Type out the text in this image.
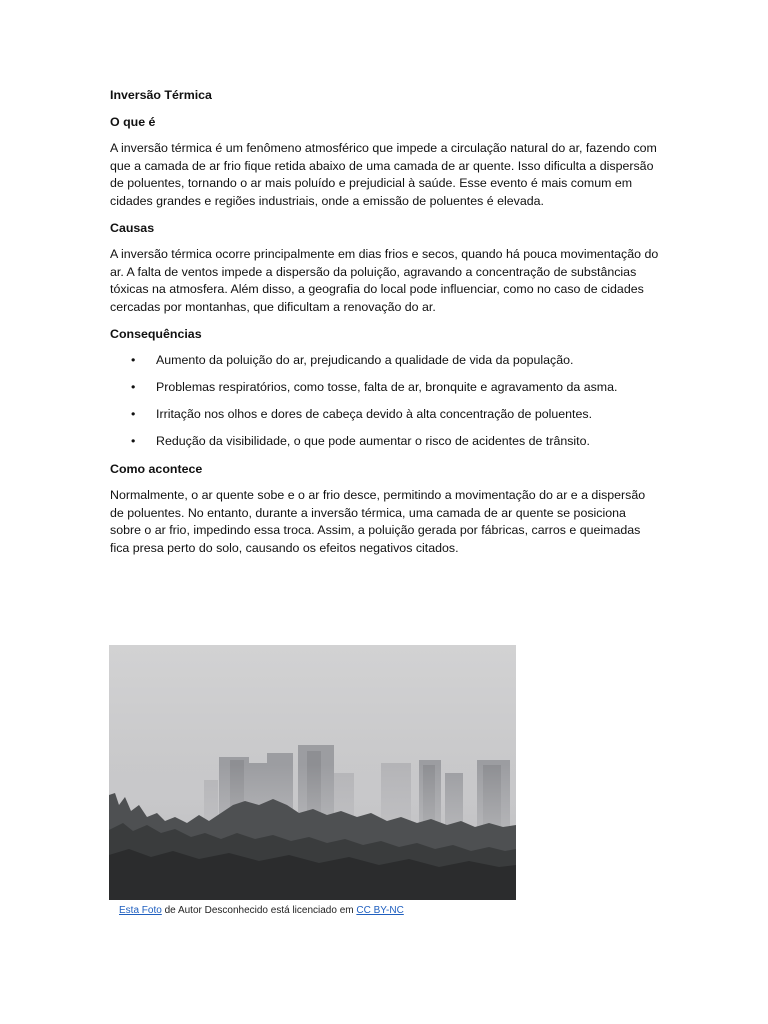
Inversão Térmica
O que é

A inversão térmica é um fenômeno atmosférico que impede a circulação natural do ar, fazendo com que a camada de ar frio fique retida abaixo de uma camada de ar quente. Isso dificulta a dispersão de poluentes, tornando o ar mais poluído e prejudicial à saúde. Esse evento é mais comum em cidades grandes e regiões industriais, onde a emissão de poluentes é elevada.

Causas

A inversão térmica ocorre principalmente em dias frios e secos, quando há pouca movimentação do ar. A falta de ventos impede a dispersão da poluição, agravando a concentração de substâncias tóxicas na atmosfera. Além disso, a geografia do local pode influenciar, como no caso de cidades cercadas por montanhas, que dificultam a renovação do ar.

Consequências
• Aumento da poluição do ar, prejudicando a qualidade de vida da população.
• Problemas respiratórios, como tosse, falta de ar, bronquite e agravamento da asma.
• Irritação nos olhos e dores de cabeça devido à alta concentração de poluentes.
• Redução da visibilidade, o que pode aumentar o risco de acidentes de trânsito.
Como acontece

Normalmente, o ar quente sobe e o ar frio desce, permitindo a movimentação do ar e a dispersão de poluentes. No entanto, durante a inversão térmica, uma camada de ar quente se posiciona sobre o ar frio, impedindo essa troca. Assim, a poluição gerada por fábricas, carros e queimadas fica presa perto do solo, causando os efeitos negativos citados.

Esta Foto de Autor Desconhecido está licenciado em CC BY-NC
